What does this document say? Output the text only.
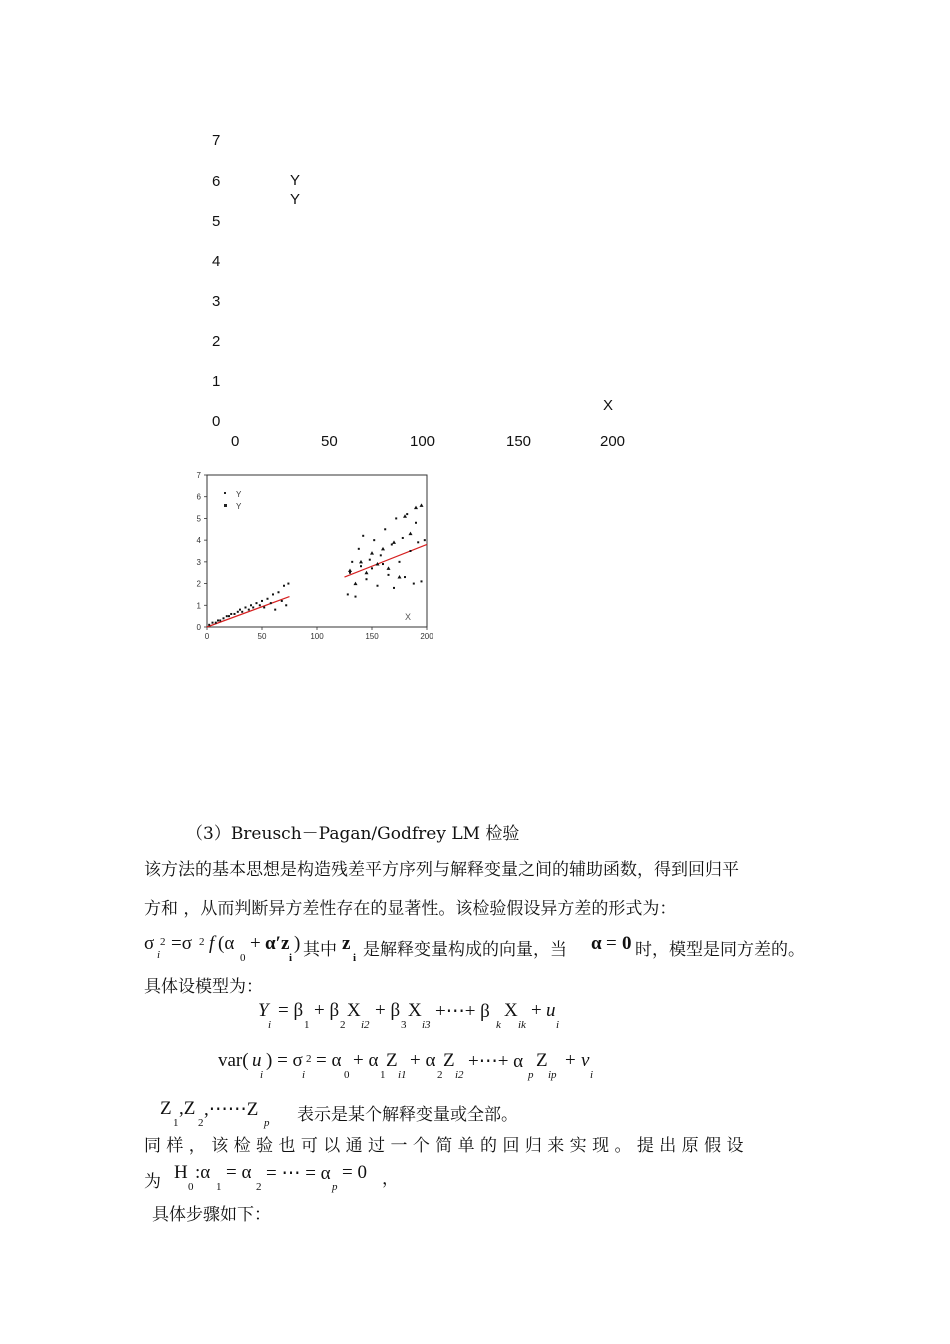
7
6
5
4
3
2
1
0
Y
Y
X
0	50	100	150	200
0
1
2
3
4
5
6
7
0	50	100	150	200
Y
Y
X
（3）Breusch－Pagan/Godfrey LM 检验
该方法的基本思想是构造残差平方序列与解释变量之间的辅助函数，得到回归平
方和 ，从而判断异方差性存在的显著性。该检验假设异方差的形式为：
σ
i
2 =σ 2 f (α
0
+ α′z
i
) 其中 z
i 是解释变量构成的向量，当 α = 0 时，模型是同方差的。
具体设模型为：
Y
i
= β
1
+ β
2
X
i2
+ β
3
X
i3
+⋯+ β
k
X
ik
+ u
i
var( u
i
) = σ
i
2 = α
0
+ α
1
Z
i1
+ α
2
Z
i2
+⋯+ α
p
Z
ip
+ v
i
Z
1
,Z
2
,⋯⋯Z
p 表示是某个解释变量或全部。
同 样 ， 该 检 验 也 可 以 通 过 一 个 简 单 的 回 归 来 实 现 。 提 出 原 假 设
为 H
0
:α
1
= α
2
= ⋯ = α
p
= 0 ，
具体步骤如下：
